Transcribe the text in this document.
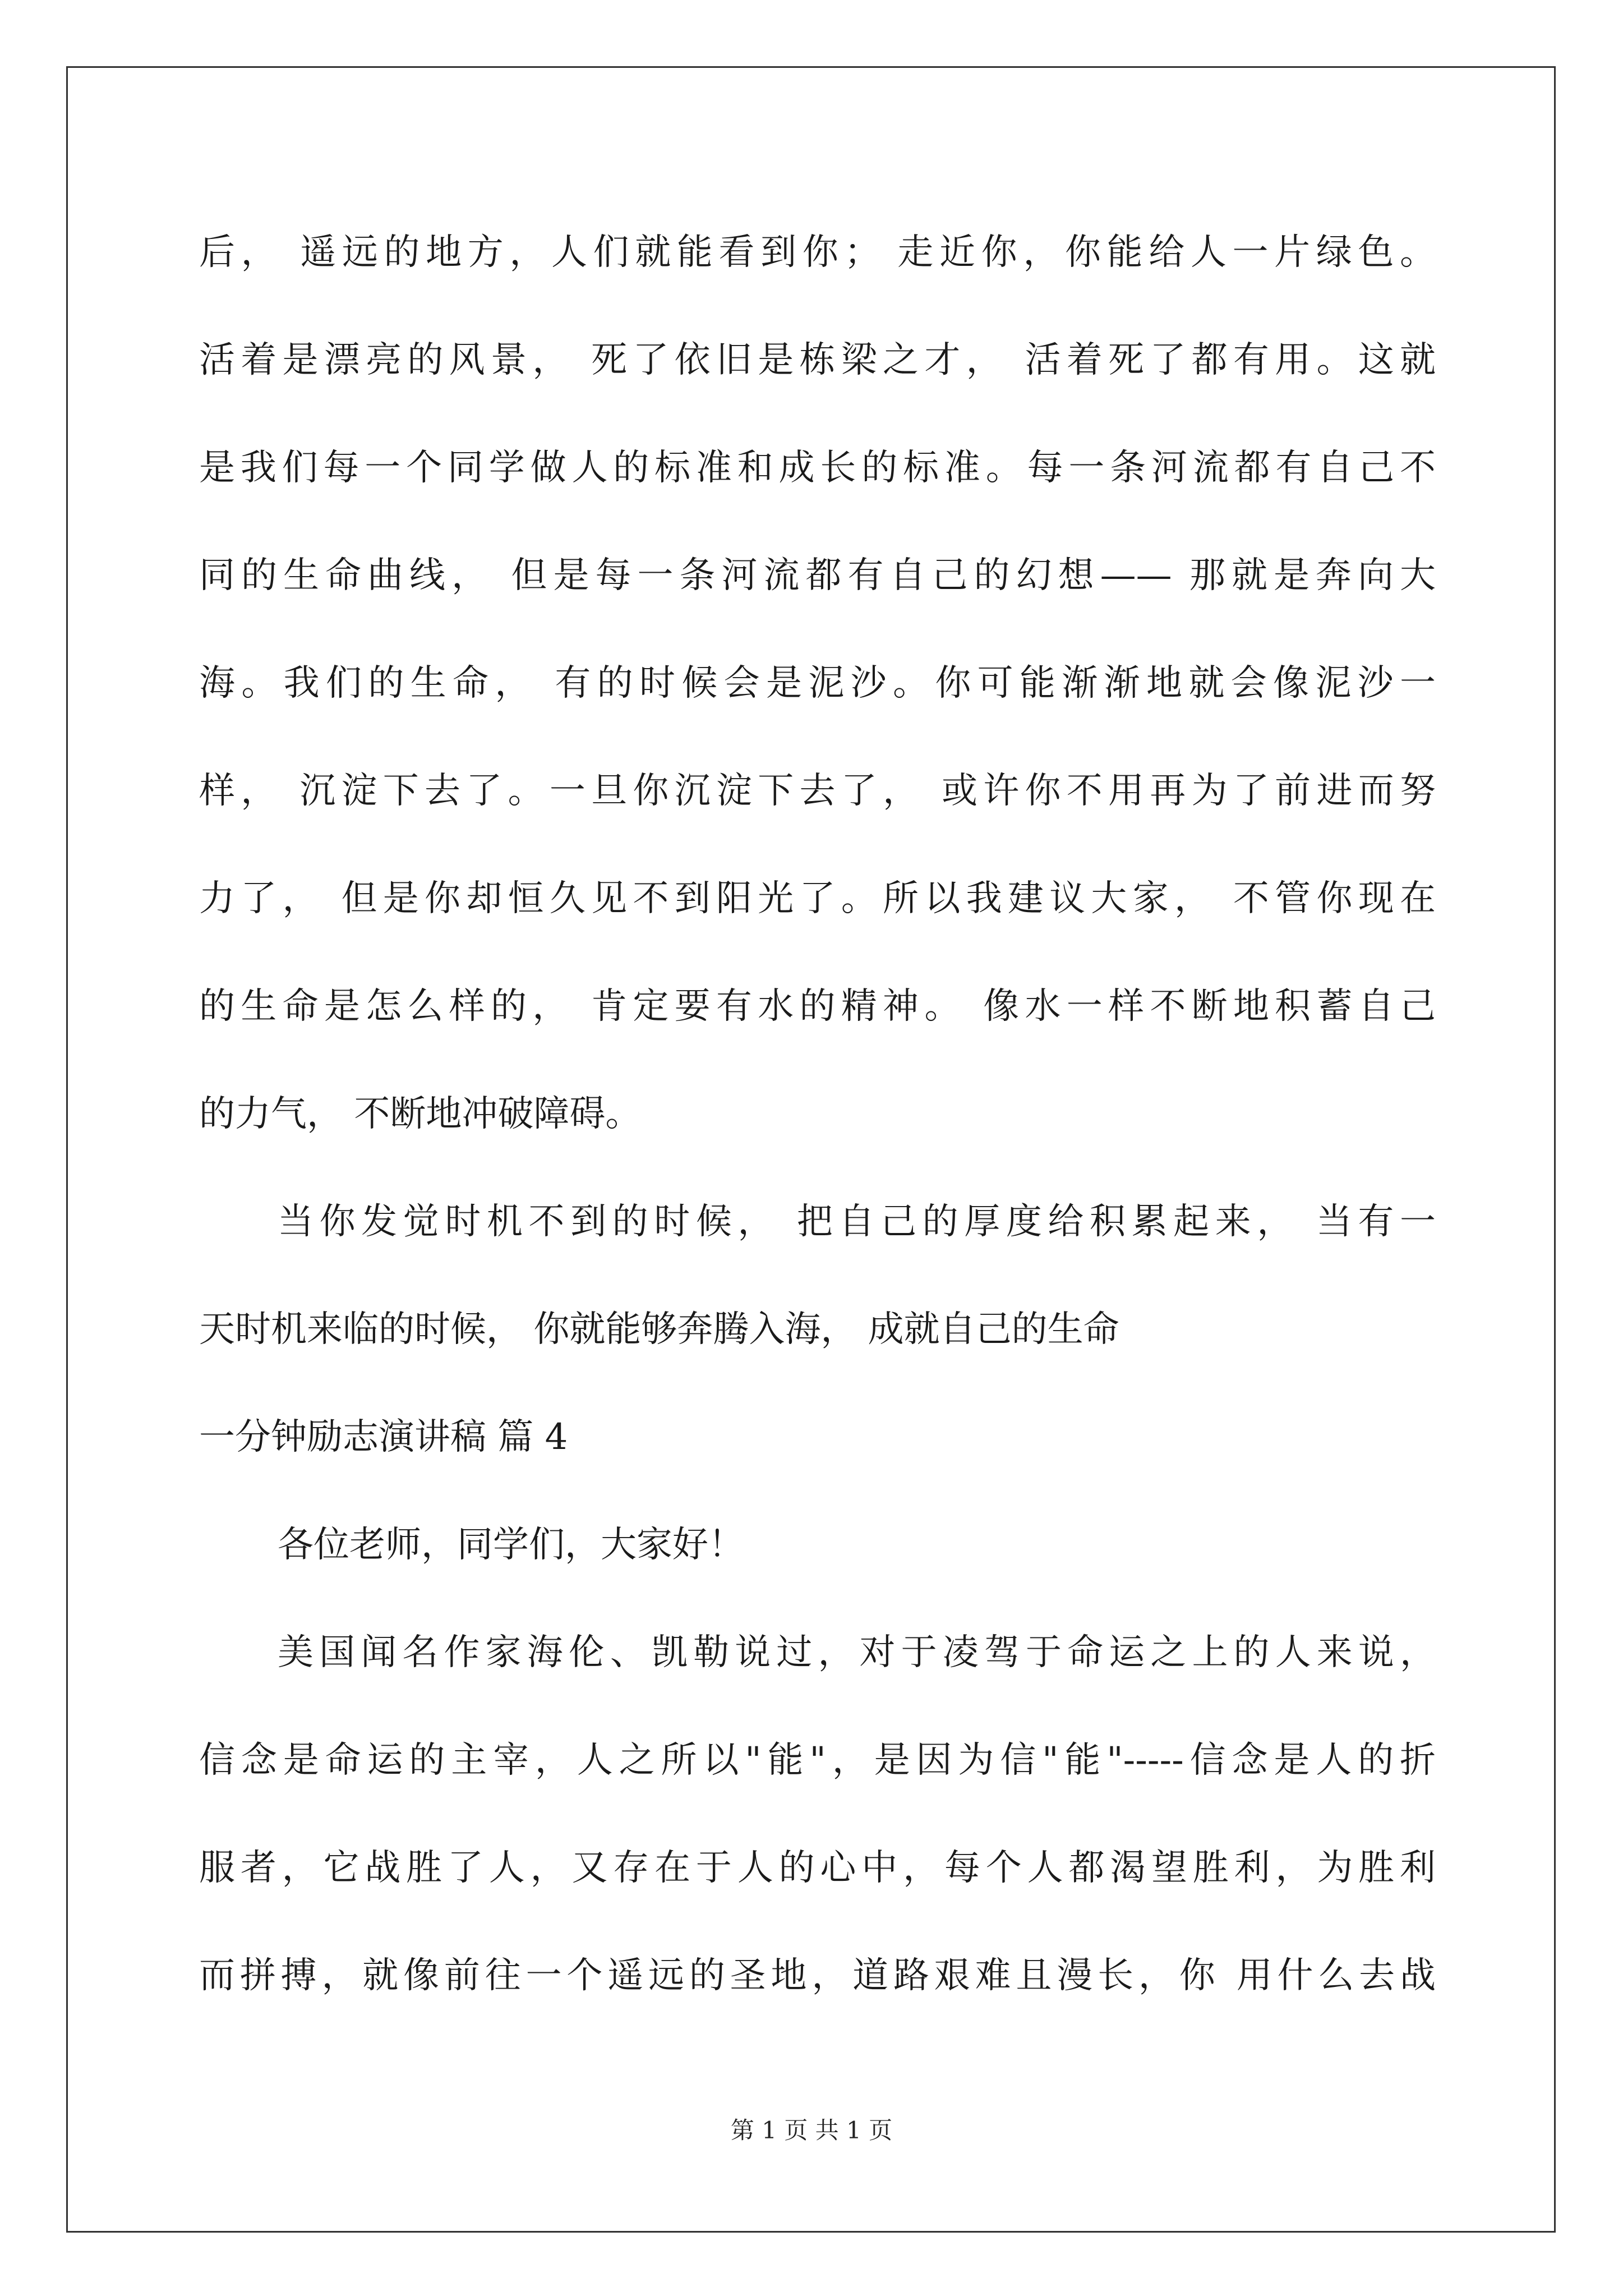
后， 遥远的地方，人们就能看到你； 走近你，你能给人一片绿色。
活着是漂亮的风景， 死了依旧是栋梁之才， 活着死了都有用。这就
是我们每一个同学做人的标准和成长的标准。每一条河流都有自己不
同的生命曲线， 但是每一条河流都有自己的幻想—— 那就是奔向大
海。我们的生命， 有的时候会是泥沙。你可能渐渐地就会像泥沙一
样， 沉淀下去了。一旦你沉淀下去了， 或许你不用再为了前进而努
力了， 但是你却恒久见不到阳光了。所以我建议大家， 不管你现在
的生命是怎么样的， 肯定要有水的精神。 像水一样不断地积蓄自己
的力气， 不断地冲破障碍。
当你发觉时机不到的时候， 把自己的厚度给积累起来， 当有一
天时机来临的时候， 你就能够奔腾入海， 成就自己的生命
一分钟励志演讲稿 篇 4
各位老师，同学们，大家好！
美国闻名作家海伦、凯勒说过，对于凌驾于命运之上的人来说，
信念是命运的主宰，人之所以"能"，是因为信"能"-----信念是人的折
服者，它战胜了人，又存在于人的心中，每个人都渴望胜利，为胜利
而拼搏，就像前往一个遥远的圣地，道路艰难且漫长，你 用什么去战
第 1 页 共 1 页
